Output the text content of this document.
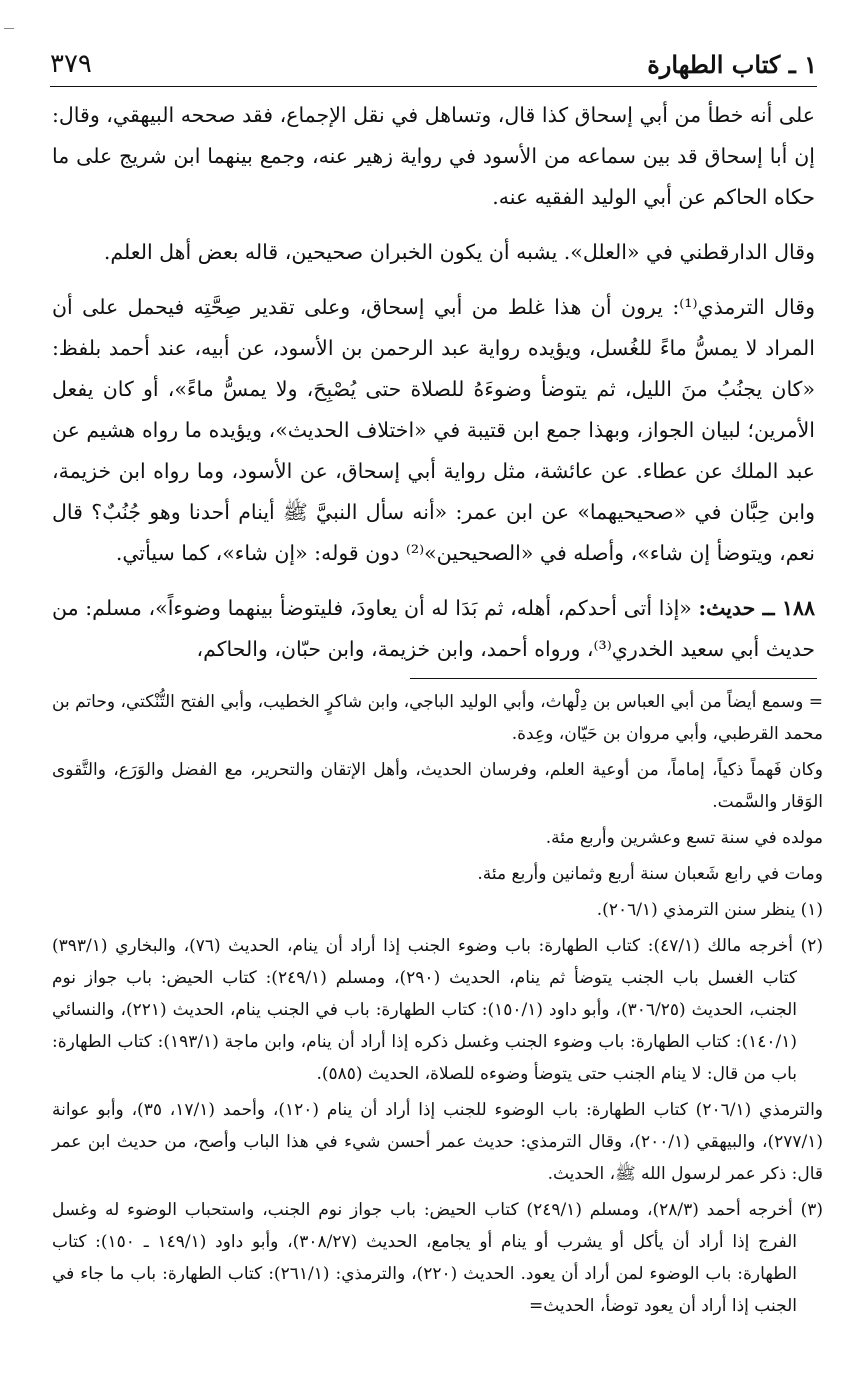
١ ـ كتاب الطهارة
٣٧٩

على أنه خطأ من أبي إسحاق كذا قال، وتساهل في نقل الإجماع، فقد صححه البيهقي، وقال: إن أبا إسحاق قد بين سماعه من الأسود في رواية زهير عنه، وجمع بينهما ابن شريج على ما حكاه الحاكم عن أبي الوليد الفقيه عنه.

وقال الدارقطني في «العلل». يشبه أن يكون الخبران صحيحين، قاله بعض أهل العلم.

وقال الترمذي⁽¹⁾: يرون أن هذا غلط من أبي إسحاق، وعلى تقدير صِحَّتِه فيحمل على أن المراد لا يمسُّ ماءً للغُسل، ويؤيده رواية عبد الرحمن بن الأسود، عن أبيه، عند أحمد بلفظ: «كان يجنُبُ منَ الليل، ثم يتوضأ وضوءَهُ للصلاة حتى يُصْبِحَ، ولا يمسُّ ماءً»، أو كان يفعل الأمرين؛ لبيان الجواز، وبهذا جمع ابن قتيبة في «اختلاف الحديث»، ويؤيده ما رواه هشيم عن عبد الملك عن عطاء. عن عائشة، مثل رواية أبي إسحاق، عن الأسود، وما رواه ابن خزيمة، وابن حِبَّان في «صحيحيهما» عن ابن عمر: «أنه سأل النبيَّ ﷺ أينام أحدنا وهو جُنُبٌ؟ قال نعم، ويتوضأ إن شاء»، وأصله في «الصحيحين»⁽²⁾ دون قوله: «إن شاء»، كما سيأتي.

١٨٨ ــ حديث: «إذا أتى أحدكم، أهله، ثم بَدَا له أن يعاودَ، فليتوضأ بينهما وضوءاً»، مسلم: من حديث أبي سعيد الخدري⁽³⁾، ورواه أحمد، وابن خزيمة، وابن حبّان، والحاكم،

= وسمع أيضاً من أبي العباس بن دِلْهاث، وأبي الوليد الباجي، وابن شاكرٍ الخطيب، وأبي الفتح التُّنْكتي، وحاتم بن محمد القرطبي، وأبي مروان بن حَيّان، وعِدة.

وكان فَهماً ذكياً، إماماً، من أوعية العلم، وفرسان الحديث، وأهل الإتقان والتحرير، مع الفضل والوَرَع، والتَّقوى الوَقار والسَّمت.

مولده في سنة تسع وعشرين وأربع مئة.

ومات في رابع شَعبان سنة أربع وثمانين وأربع مئة.

(١) ينظر سنن الترمذي (٢٠٦/١).

(٢) أخرجه مالك (٤٧/١): كتاب الطهارة: باب وضوء الجنب إذا أراد أن ينام، الحديث (٧٦)، والبخاري (٣٩٣/١) كتاب الغسل باب الجنب يتوضأ ثم ينام، الحديث (٢٩٠)، ومسلم (٢٤٩/١): كتاب الحيض: باب جواز نوم الجنب، الحديث (٣٠٦/٢٥)، وأبو داود (١٥٠/١): كتاب الطهارة: باب في الجنب ينام، الحديث (٢٢١)، والنسائي (١٤٠/١): كتاب الطهارة: باب وضوء الجنب وغسل ذكره إذا أراد أن ينام، وابن ماجة (١٩٣/١): كتاب الطهارة: باب من قال: لا ينام الجنب حتى يتوضأ وضوءه للصلاة، الحديث (٥٨٥).

والترمذي (٢٠٦/١) كتاب الطهارة: باب الوضوء للجنب إذا أراد أن ينام (١٢٠)، وأحمد (١٧/١، ٣٥)، وأبو عوانة (٢٧٧/١)، والبيهقي (٢٠٠/١)، وقال الترمذي: حديث عمر أحسن شيء في هذا الباب وأصح، من حديث ابن عمر قال: ذكر عمر لرسول الله ﷺ، الحديث.

(٣) أخرجه أحمد (٢٨/٣)، ومسلم (٢٤٩/١) كتاب الحيض: باب جواز نوم الجنب، واستحباب الوضوء له وغسل الفرج إذا أراد أن يأكل أو يشرب أو ينام أو يجامع، الحديث (٣٠٨/٢٧)، وأبو داود (١٤٩/١ ـ ١٥٠): كتاب الطهارة: باب الوضوء لمن أراد أن يعود. الحديث (٢٢٠)، والترمذي: (٢٦١/١): كتاب الطهارة: باب ما جاء في الجنب إذا أراد أن يعود توضأ، الحديث=
